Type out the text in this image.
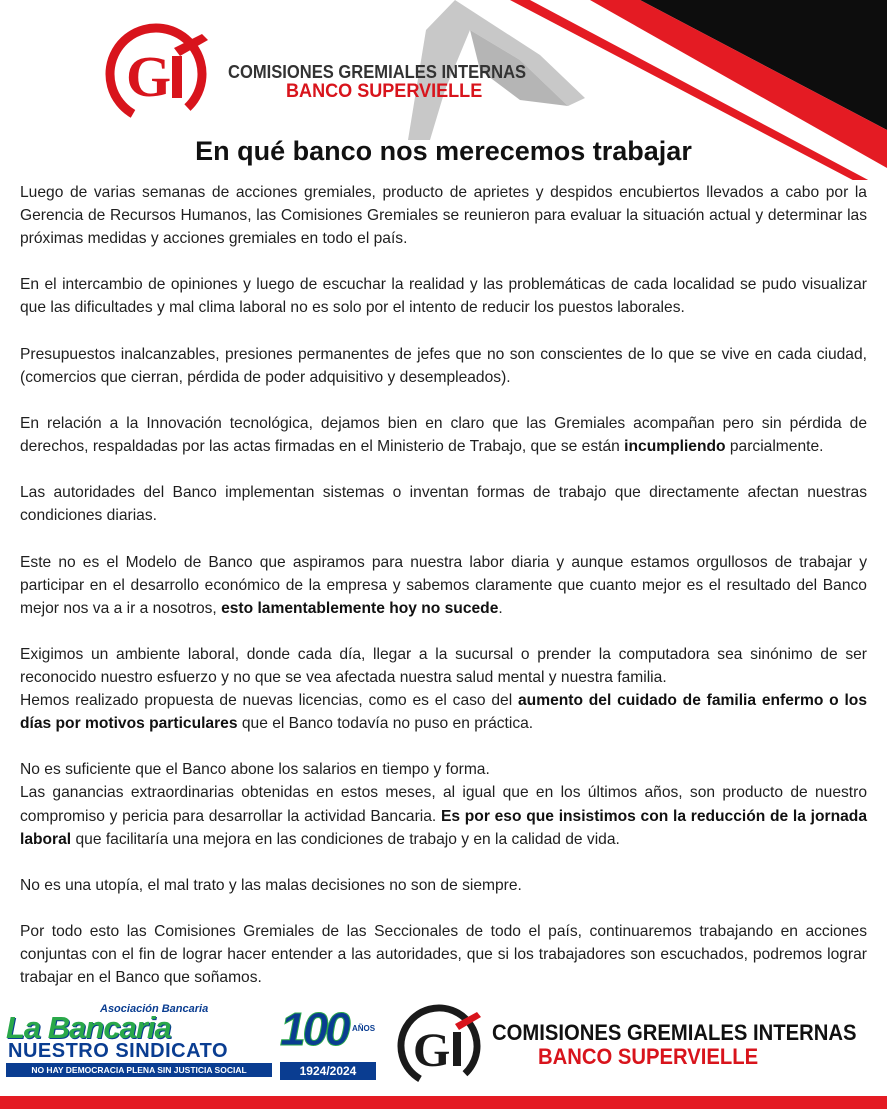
G	COMISIONES GREMIALES INTERNAS
BANCO SUPERVIELLE
En qué banco nos merecemos trabajar

Luego de varias semanas de acciones gremiales, producto de aprietes y despidos encubiertos llevados a cabo por la Gerencia de Recursos Humanos, las Comisiones Gremiales se reunieron para evaluar la situación actual y determinar las próximas medidas y acciones gremiales en todo el país.

En el intercambio de opiniones y luego de escuchar la realidad y las problemáticas de cada localidad se pudo visualizar que las dificultades y mal clima laboral no es solo por el intento de reducir los puestos laborales.

Presupuestos inalcanzables, presiones permanentes de jefes que no son conscientes de lo que se vive en cada ciudad, (comercios que cierran, pérdida de poder adquisitivo y desempleados).

En relación a la Innovación tecnológica, dejamos bien en claro que las Gremiales acompañan pero sin pérdida de derechos, respaldadas por las actas firmadas en el Ministerio de Trabajo, que se están incumpliendo parcialmente.

Las autoridades del Banco implementan sistemas o inventan formas de trabajo que directamente afectan nuestras condiciones diarias.

Este no es el Modelo de Banco que aspiramos para nuestra labor diaria y aunque estamos orgullosos de trabajar y participar en el desarrollo económico de la empresa y sabemos claramente que cuanto mejor es el resultado del Banco mejor nos va a ir a nosotros, esto lamentablemente hoy no sucede.

Exigimos un ambiente laboral, donde cada día, llegar a la sucursal o prender la computadora sea sinónimo de ser reconocido nuestro esfuerzo y no que se vea afectada nuestra salud mental y nuestra familia.
Hemos realizado propuesta de nuevas licencias, como es el caso del aumento del cuidado de familia enfermo o los días por motivos particulares que el Banco todavía no puso en práctica.

No es suficiente que el Banco abone los salarios en tiempo y forma.
Las ganancias extraordinarias obtenidas en estos meses, al igual que en los últimos años, son producto de nuestro compromiso y pericia para desarrollar la actividad Bancaria. Es por eso que insistimos con la reducción de la jornada laboral que facilitaría una mejora en las condiciones de trabajo y en la calidad de vida.

No es una utopía, el mal trato y las malas decisiones no son de siempre.

Por todo esto las Comisiones Gremiales de las Seccionales de todo el país, continuaremos trabajando en acciones conjuntas con el fin de lograr hacer entender a las autoridades, que si los trabajadores son escuchados, podremos lograr trabajar en el Banco que soñamos.

Asociación Bancaria
La Bancaria
NUESTRO SINDICATO
NO HAY DEMOCRACIA PLENA SIN JUSTICIA SOCIAL
100 AÑOS
1924/2024	G COMISIONES GREMIALES INTERNAS
BANCO SUPERVIELLE
